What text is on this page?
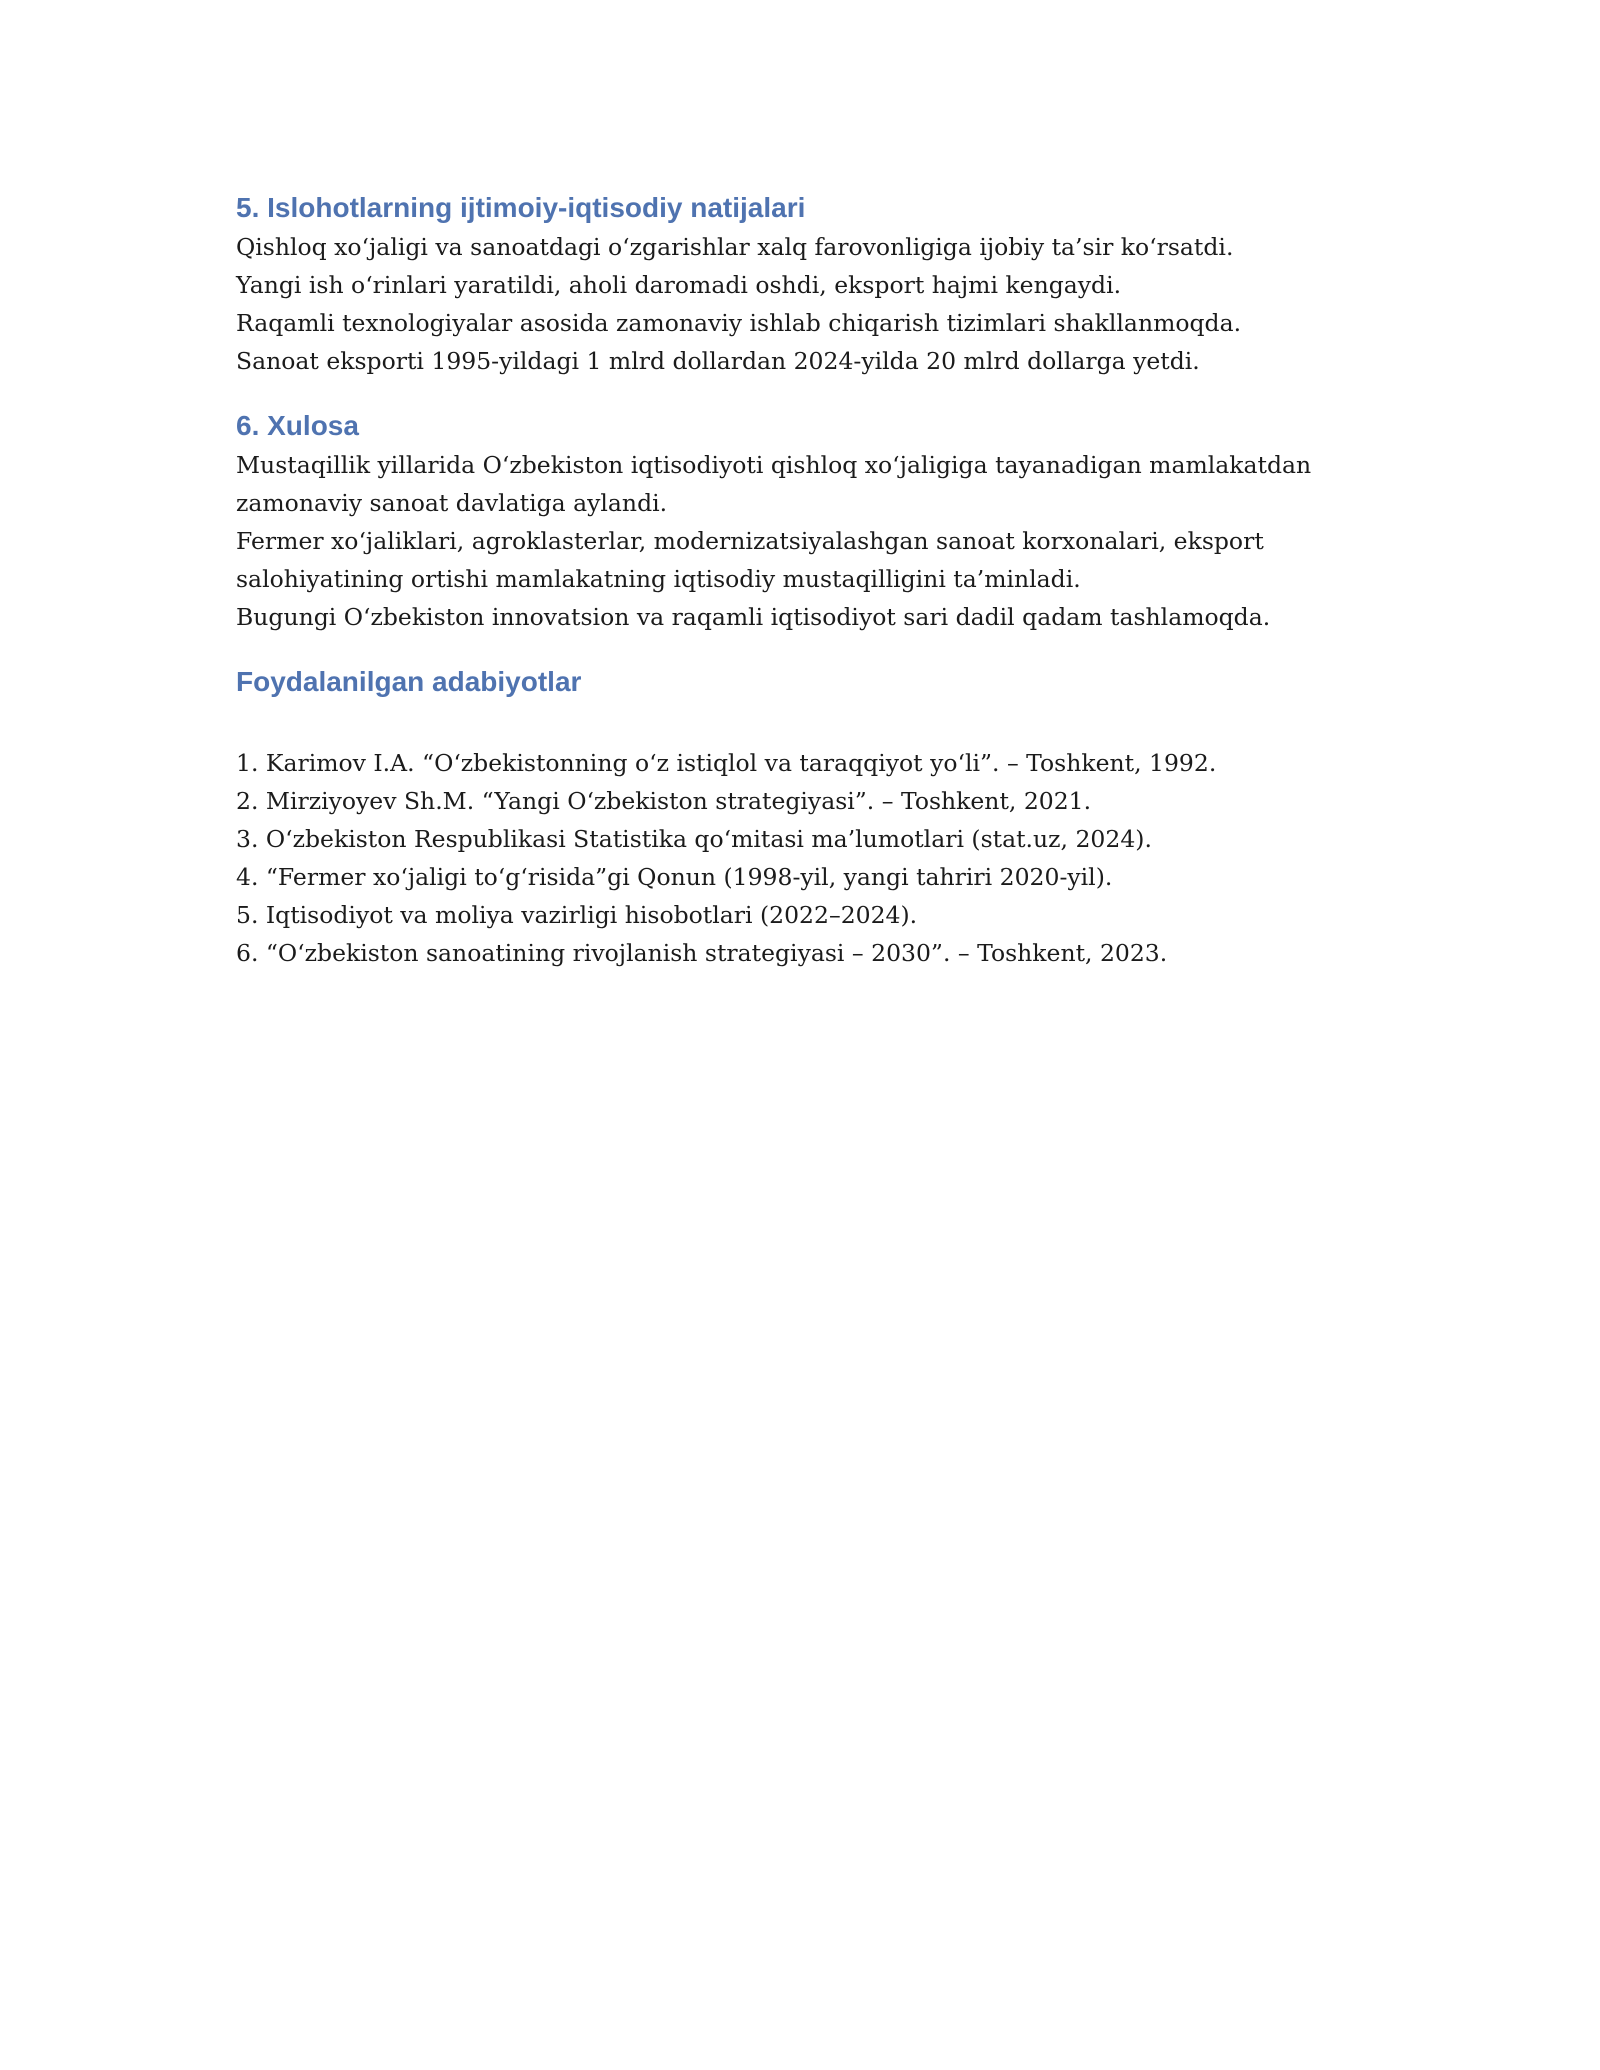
5. Islohotlarning ijtimoiy-iqtisodiy natijalari

Qishloq xo‘jaligi va sanoatdagi o‘zgarishlar xalq farovonligiga ijobiy ta’sir ko‘rsatdi.

Yangi ish o‘rinlari yaratildi, aholi daromadi oshdi, eksport hajmi kengaydi.

Raqamli texnologiyalar asosida zamonaviy ishlab chiqarish tizimlari shakllanmoqda.

Sanoat eksporti 1995-yildagi 1 mlrd dollardan 2024-yilda 20 mlrd dollarga yetdi.

6. Xulosa

Mustaqillik yillarida O‘zbekiston iqtisodiyoti qishloq xo‘jaligiga tayanadigan mamlakatdan

zamonaviy sanoat davlatiga aylandi.

Fermer xo‘jaliklari, agroklasterlar, modernizatsiyalashgan sanoat korxonalari, eksport

salohiyatining ortishi mamlakatning iqtisodiy mustaqilligini ta’minladi.

Bugungi O‘zbekiston innovatsion va raqamli iqtisodiyot sari dadil qadam tashlamoqda.

Foydalanilgan adabiyotlar
1. Karimov I.A. “O‘zbekistonning o‘z istiqlol va taraqqiyot yo‘li”. – Toshkent, 1992.
2. Mirziyoyev Sh.M. “Yangi O‘zbekiston strategiyasi”. – Toshkent, 2021.
3. O‘zbekiston Respublikasi Statistika qo‘mitasi ma’lumotlari (stat.uz, 2024).
4. “Fermer xo‘jaligi to‘g‘risida”gi Qonun (1998-yil, yangi tahriri 2020-yil).
5. Iqtisodiyot va moliya vazirligi hisobotlari (2022–2024).
6. “O‘zbekiston sanoatining rivojlanish strategiyasi – 2030”. – Toshkent, 2023.
